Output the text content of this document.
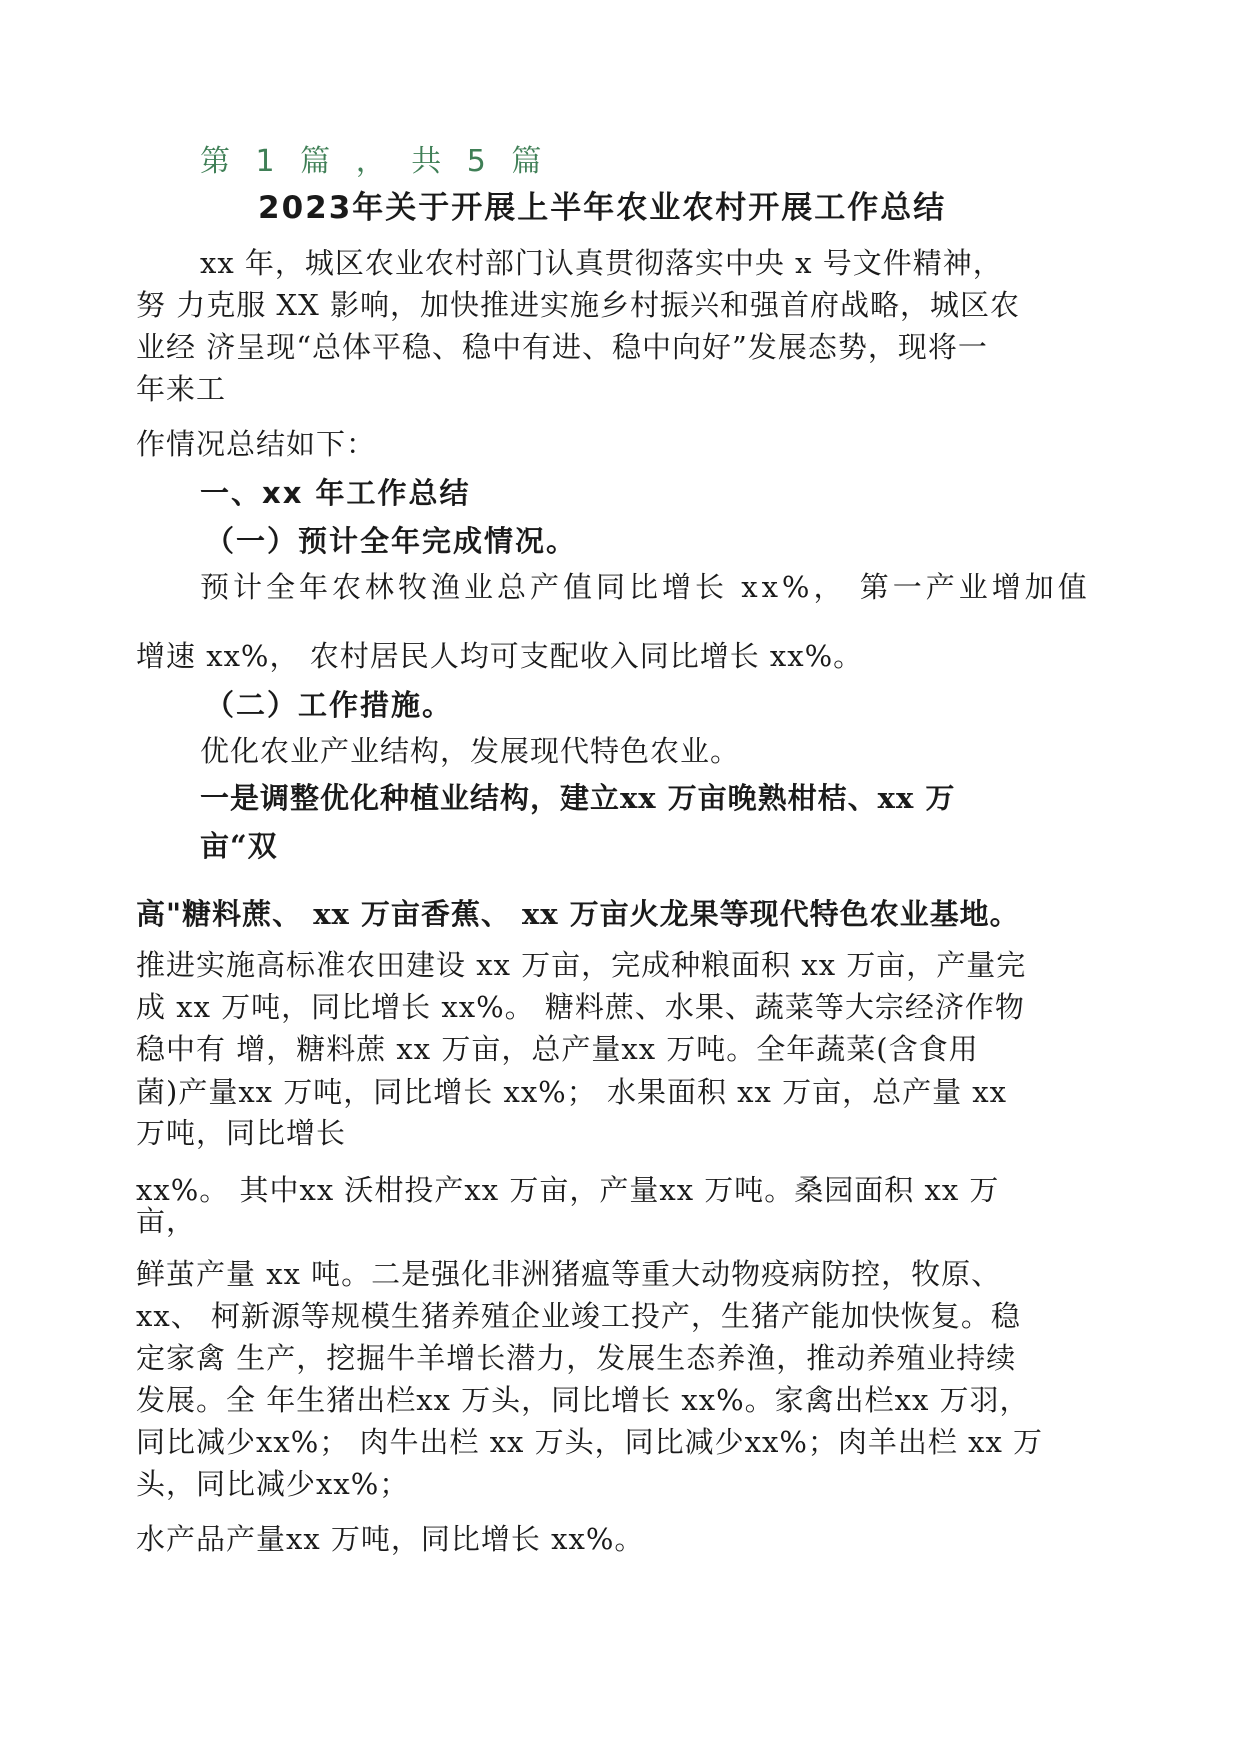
第 1 篇 ， 共 5 篇
2023年关于开展上半年农业农村开展工作总结
xx 年，城区农业农村部门认真贯彻落实中央 x 号文件精神，
努 力克服 XX 影响，加快推进实施乡村振兴和强首府战略，城区农
业经 济呈现“总体平稳、稳中有进、稳中向好”发展态势，现将一
年来工
作情况总结如下：
一、xx 年工作总结
（一）预计全年完成情况。
预计全年农林牧渔业总产值同比增长 xx%， 第一产业增加值
增速 xx%， 农村居民人均可支配收入同比增长 xx%。
（二）工作措施。
优化农业产业结构，发展现代特色农业。
一是调整优化种植业结构，建立xx 万亩晚熟柑桔、xx 万
亩“双
高"糖料蔗、 xx 万亩香蕉、 xx 万亩火龙果等现代特色农业基地。
推进实施高标准农田建设 xx 万亩，完成种粮面积 xx 万亩，产量完
成 xx 万吨，同比增长 xx%。 糖料蔗、水果、蔬菜等大宗经济作物
稳中有 增，糖料蔗 xx 万亩，总产量xx 万吨。全年蔬菜(含食用
菌)产量xx 万吨，同比增长 xx%； 水果面积 xx 万亩，总产量 xx
万吨，同比增长
xx%。 其中xx 沃柑投产xx 万亩，产量xx 万吨。桑园面积 xx 万
亩，
鲜茧产量 xx 吨。二是强化非洲猪瘟等重大动物疫病防控，牧原、
xx、 柯新源等规模生猪养殖企业竣工投产，生猪产能加快恢复。稳
定家禽 生产，挖掘牛羊增长潜力，发展生态养渔，推动养殖业持续
发展。全 年生猪出栏xx 万头，同比增长 xx%。家禽出栏xx 万羽，
同比减少xx%； 肉牛出栏 xx 万头，同比减少xx%；肉羊出栏 xx 万
头，同比减少xx%；
水产品产量xx 万吨，同比增长 xx%。
